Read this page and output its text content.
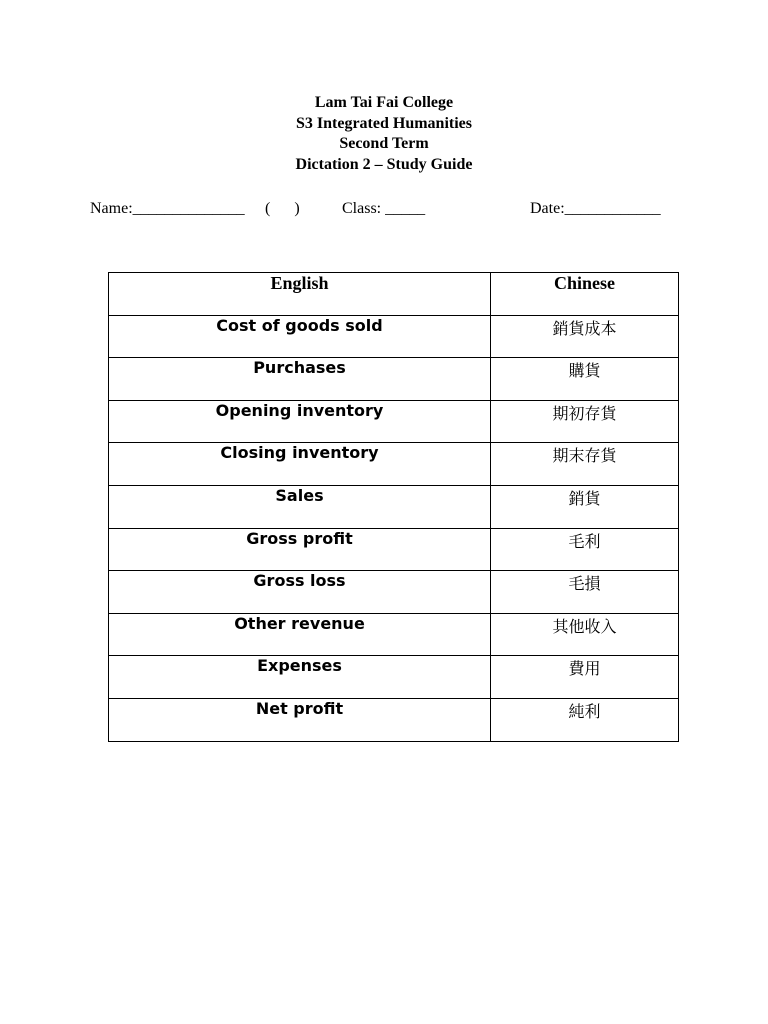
Lam Tai Fai College
S3 Integrated Humanities
Second Term
Dictation 2 – Study Guide
Name:______________ (      )	Class: _____	Date:____________
English	Chinese
Cost of goods sold	銷貨成本
Purchases	購貨
Opening inventory	期初存貨
Closing inventory	期末存貨
Sales	銷貨
Gross profit	毛利
Gross loss	毛損
Other revenue	其他收入
Expenses	費用
Net profit	純利
